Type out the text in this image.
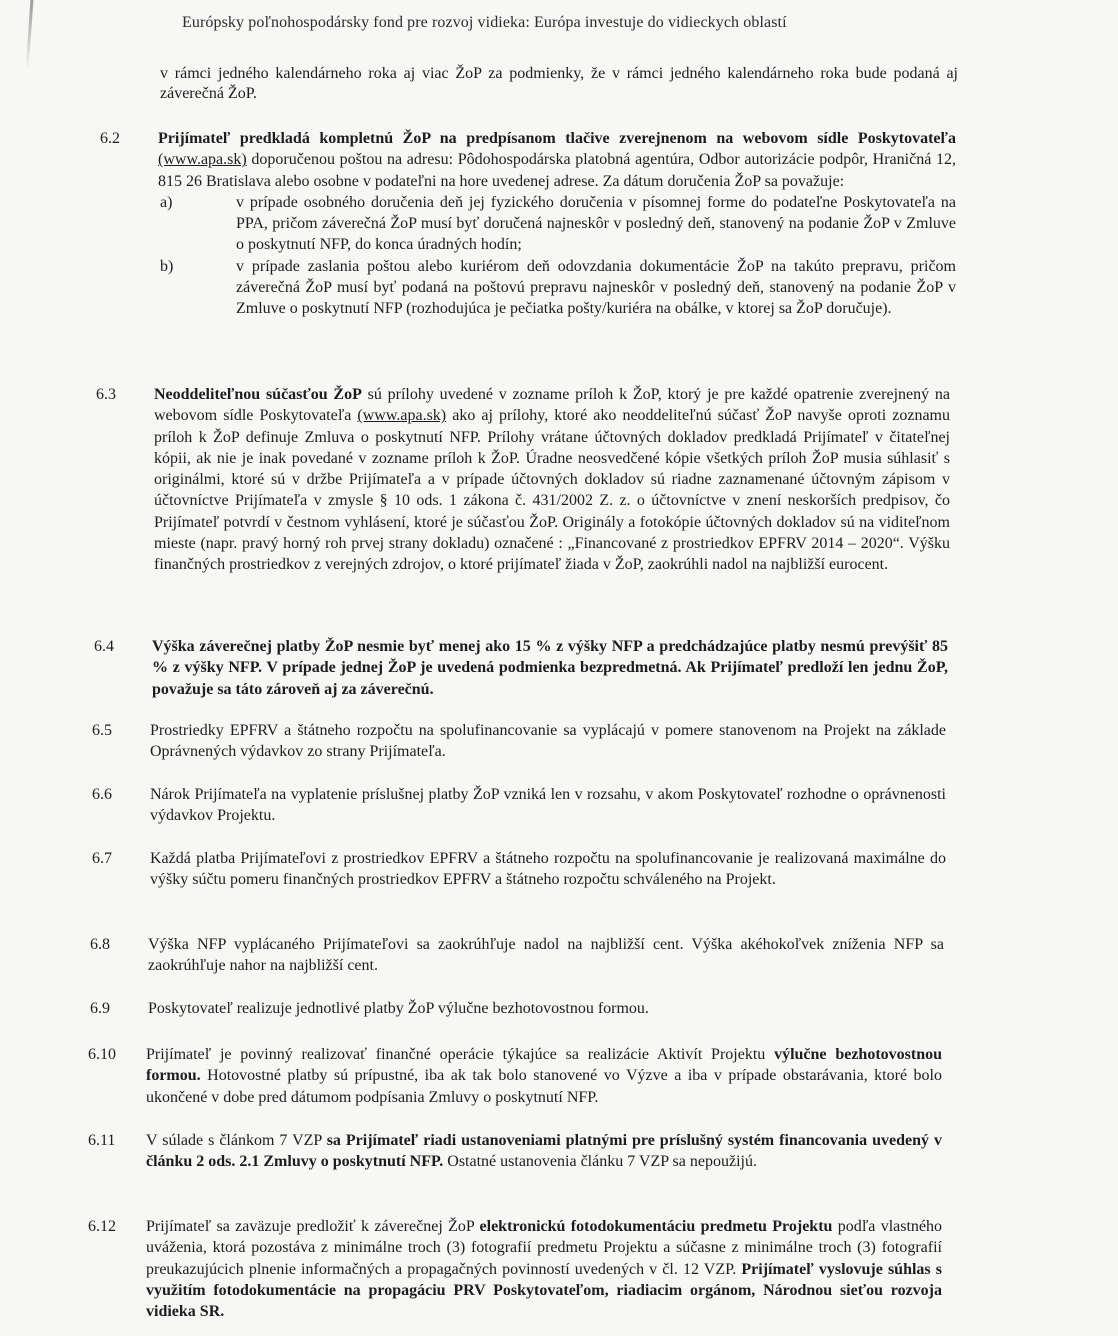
Európsky poľnohospodársky fond pre rozvoj vidieka: Európa investuje do vidieckych oblastí
v rámci jedného kalendárneho roka aj viac ŽoP za podmienky, že v rámci jedného kalendárneho roka bude podaná aj záverečná ŽoP.
6.2 Prijímateľ predkladá kompletnú ŽoP na predpísanom tlačive zverejnenom na webovom sídle Poskytovateľa (www.apa.sk) doporučenou poštou na adresu: Pôdohospodárska platobná agentúra, Odbor autorizácie podpôr, Hraničná 12, 815 26 Bratislava alebo osobne v podateľni na hore uvedenej adrese. Za dátum doručenia ŽoP sa považuje:
a)	v prípade osobného doručenia deň jej fyzického doručenia v písomnej forme do podateľne Poskytovateľa na PPA, pričom záverečná ŽoP musí byť doručená najneskôr v posledný deň, stanovený na podanie ŽoP v Zmluve o poskytnutí NFP, do konca úradných hodín;
b)	v prípade zaslania poštou alebo kuriérom deň odovzdania dokumentácie ŽoP na takúto prepravu, pričom záverečná ŽoP musí byť podaná na poštovú prepravu najneskôr v posledný deň, stanovený na podanie ŽoP v Zmluve o poskytnutí NFP (rozhodujúca je pečiatka pošty/kuriéra na obálke, v ktorej sa ŽoP doručuje).
6.3 Neoddeliteľnou súčasťou ŽoP sú prílohy uvedené v zozname príloh k ŽoP, ktorý je pre každé opatrenie zverejnený na webovom sídle Poskytovateľa (www.apa.sk) ako aj prílohy, ktoré ako neoddeliteľnú súčasť ŽoP navyše oproti zoznamu príloh k ŽoP definuje Zmluva o poskytnutí NFP. Prílohy vrátane účtovných dokladov predkladá Prijímateľ v čitateľnej kópii, ak nie je inak povedané v zozname príloh k ŽoP. Úradne neosvedčené kópie všetkých príloh ŽoP musia súhlasiť s originálmi, ktoré sú v držbe Prijímateľa a v prípade účtovných dokladov sú riadne zaznamenané účtovným zápisom v účtovníctve Prijímateľa v zmysle § 10 ods. 1 zákona č. 431/2002 Z. z. o účtovníctve v znení neskorších predpisov, čo Prijímateľ potvrdí v čestnom vyhlásení, ktoré je súčasťou ŽoP. Originály a fotokópie účtovných dokladov sú na viditeľnom mieste (napr. pravý horný roh prvej strany dokladu) označené : „Financované z prostriedkov EPFRV 2014 – 2020“. Výšku finančných prostriedkov z verejných zdrojov, o ktoré prijímateľ žiada v ŽoP, zaokrúhli nadol na najbližší eurocent.
6.4 Výška záverečnej platby ŽoP nesmie byť menej ako 15 % z výšky NFP a predchádzajúce platby nesmú prevýšiť 85 % z výšky NFP. V prípade jednej ŽoP je uvedená podmienka bezpredmetná. Ak Prijímateľ predloží len jednu ŽoP, považuje sa táto zároveň aj za záverečnú.
6.5 Prostriedky EPFRV a štátneho rozpočtu na spolufinancovanie sa vyplácajú v pomere stanovenom na Projekt na základe Oprávnených výdavkov zo strany Prijímateľa.
6.6 Nárok Prijímateľa na vyplatenie príslušnej platby ŽoP vzniká len v rozsahu, v akom Poskytovateľ rozhodne o oprávnenosti výdavkov Projektu.
6.7 Každá platba Prijímateľovi z prostriedkov EPFRV a štátneho rozpočtu na spolufinancovanie je realizovaná maximálne do výšky súčtu pomeru finančných prostriedkov EPFRV a štátneho rozpočtu schváleného na Projekt.
6.8 Výška NFP vyplácaného Prijímateľovi sa zaokrúhľuje nadol na najbližší cent. Výška akéhokoľvek zníženia NFP sa zaokrúhľuje nahor na najbližší cent.
6.9 Poskytovateľ realizuje jednotlivé platby ŽoP výlučne bezhotovostnou formou.
6.10 Prijímateľ je povinný realizovať finančné operácie týkajúce sa realizácie Aktivít Projektu výlučne bezhotovostnou formou. Hotovostné platby sú prípustné, iba ak tak bolo stanovené vo Výzve a iba v prípade obstarávania, ktoré bolo ukončené v dobe pred dátumom podpísania Zmluvy o poskytnutí NFP.
6.11 V súlade s článkom 7 VZP sa Prijímateľ riadi ustanoveniami platnými pre príslušný systém financovania uvedený v článku 2 ods. 2.1 Zmluvy o poskytnutí NFP. Ostatné ustanovenia článku 7 VZP sa nepoužijú.
6.12 Prijímateľ sa zaväzuje predložiť k záverečnej ŽoP elektronickú fotodokumentáciu predmetu Projektu podľa vlastného uváženia, ktorá pozostáva z minimálne troch (3) fotografií predmetu Projektu a súčasne z minimálne troch (3) fotografií preukazujúcich plnenie informačných a propagačných povinností uvedených v čl. 12 VZP. Prijímateľ vyslovuje súhlas s využitím fotodokumentácie na propagáciu PRV Poskytovateľom, riadiacim orgánom, Národnou sieťou rozvoja vidieka SR.
